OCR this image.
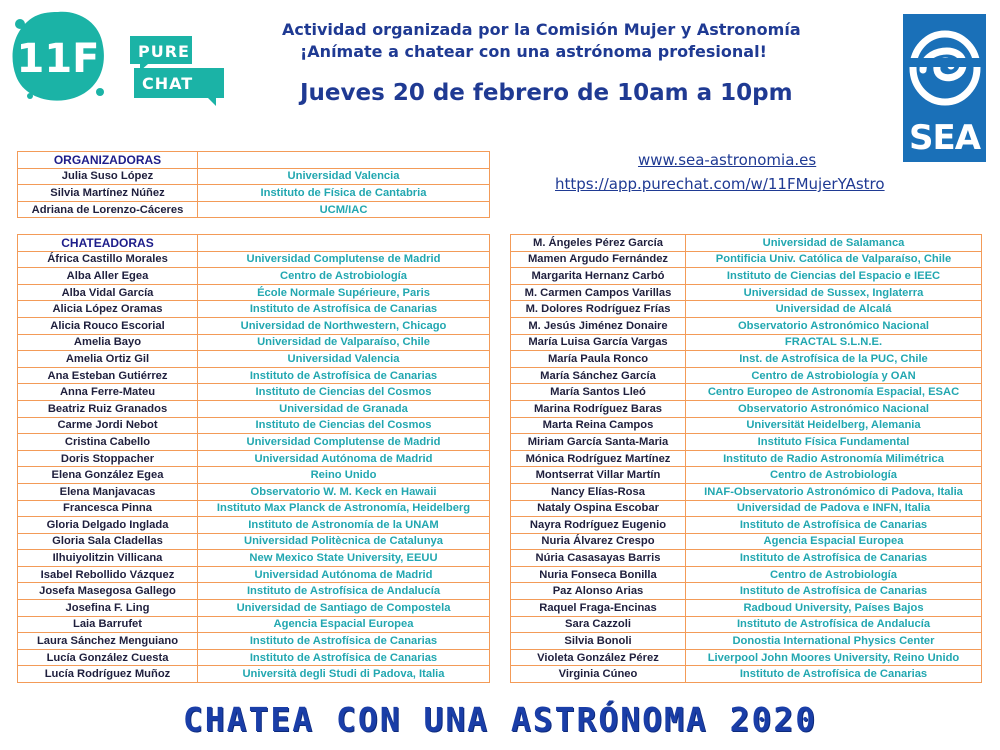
11F PURE
CHAT
SEA
Actividad organizada por la Comisión Mujer y Astronomía
¡Anímate a chatear con una astrónoma profesional!
Jueves 20 de febrero de 10am a 10pm
www.sea-astronomia.es
https://app.purechat.com/w/11FMujerYAstro
ORGANIZADORAS	
Julia Suso López	Universidad Valencia
Silvia Martínez Núñez	Instituto de Física de Cantabria
Adriana de Lorenzo-Cáceres	UCM/IAC
CHATEADORAS	
África Castillo Morales	Universidad Complutense de Madrid
Alba Aller Egea	Centro de Astrobiología
Alba Vidal García	École Normale Supérieure, Paris
Alicia López Oramas	Instituto de Astrofísica de Canarias
Alicia Rouco Escorial	Universidad de Northwestern, Chicago
Amelia Bayo	Universidad de Valparaíso, Chile
Amelia Ortiz Gil	Universidad Valencia
Ana Esteban Gutiérrez	Instituto de Astrofísica de Canarias
Anna Ferre-Mateu	Instituto de Ciencias del Cosmos
Beatriz Ruiz Granados	Universidad de Granada
Carme Jordi Nebot	Instituto de Ciencias del Cosmos
Cristina Cabello	Universidad Complutense de Madrid
Doris Stoppacher	Universidad Autónoma de Madrid
Elena González Egea	Reino Unido
Elena Manjavacas	Observatorio W. M. Keck en Hawaii
Francesca Pinna	Instituto Max Planck de Astronomía, Heidelberg
Gloria Delgado Inglada	Instituto de Astronomía de la UNAM
Gloria Sala Cladellas	Universidad Politècnica de Catalunya
Ilhuiyolitzin Villicana	New Mexico State University, EEUU
Isabel Rebollido Vázquez	Universidad Autónoma de Madrid
Josefa Masegosa Gallego	Instituto de Astrofísica de Andalucía
Josefina F. Ling	Universidad de Santiago de Compostela
Laia Barrufet	Agencia Espacial Europea
Laura Sánchez Menguiano	Instituto de Astrofísica de Canarias
Lucía González Cuesta	Instituto de Astrofísica de Canarias
Lucía Rodríguez Muñoz	Università degli Studi di Padova, Italia
M. Ángeles Pérez García	Universidad de Salamanca
Mamen Argudo Fernández	Pontificia Univ. Católica de Valparaíso, Chile
Margarita Hernanz Carbó	Instituto de Ciencias del Espacio e IEEC
M. Carmen Campos Varillas	Universidad de Sussex, Inglaterra
M. Dolores Rodríguez Frías	Universidad de Alcalá
M. Jesús Jiménez Donaire	Observatorio Astronómico Nacional
María Luisa García Vargas	FRACTAL S.L.N.E.
María Paula Ronco	Inst. de Astrofísica de la PUC, Chile
María Sánchez García	Centro de Astrobiología y OAN
María Santos Lleó	Centro Europeo de Astronomía Espacial, ESAC
Marina Rodríguez Baras	Observatorio Astronómico Nacional
Marta Reina Campos	Universität Heidelberg, Alemania
Miriam García Santa-Maria	Instituto Física Fundamental
Mónica Rodríguez Martínez	Instituto de Radio Astronomía Milimétrica
Montserrat Villar Martín	Centro de Astrobiología
Nancy Elías-Rosa	INAF-Observatorio Astronómico di Padova, Italia
Nataly Ospina Escobar	Universidad de Padova e INFN, Italia
Nayra Rodríguez Eugenio	Instituto de Astrofísica de Canarias
Nuria Álvarez Crespo	Agencia Espacial Europea
Núria Casasayas Barris	Instituto de Astrofísica de Canarias
Nuria Fonseca Bonilla	Centro de Astrobiología
Paz Alonso Arias	Instituto de Astrofísica de Canarias
Raquel Fraga-Encinas	Radboud University, Países Bajos
Sara Cazzoli	Instituto de Astrofísica de Andalucía
Silvia Bonoli	Donostia International Physics Center
Violeta González Pérez	Liverpool John Moores University, Reino Unido
Virginia Cúneo	Instituto de Astrofísica de Canarias
CHATEA CON UNA ASTRÓNOMA 2020
